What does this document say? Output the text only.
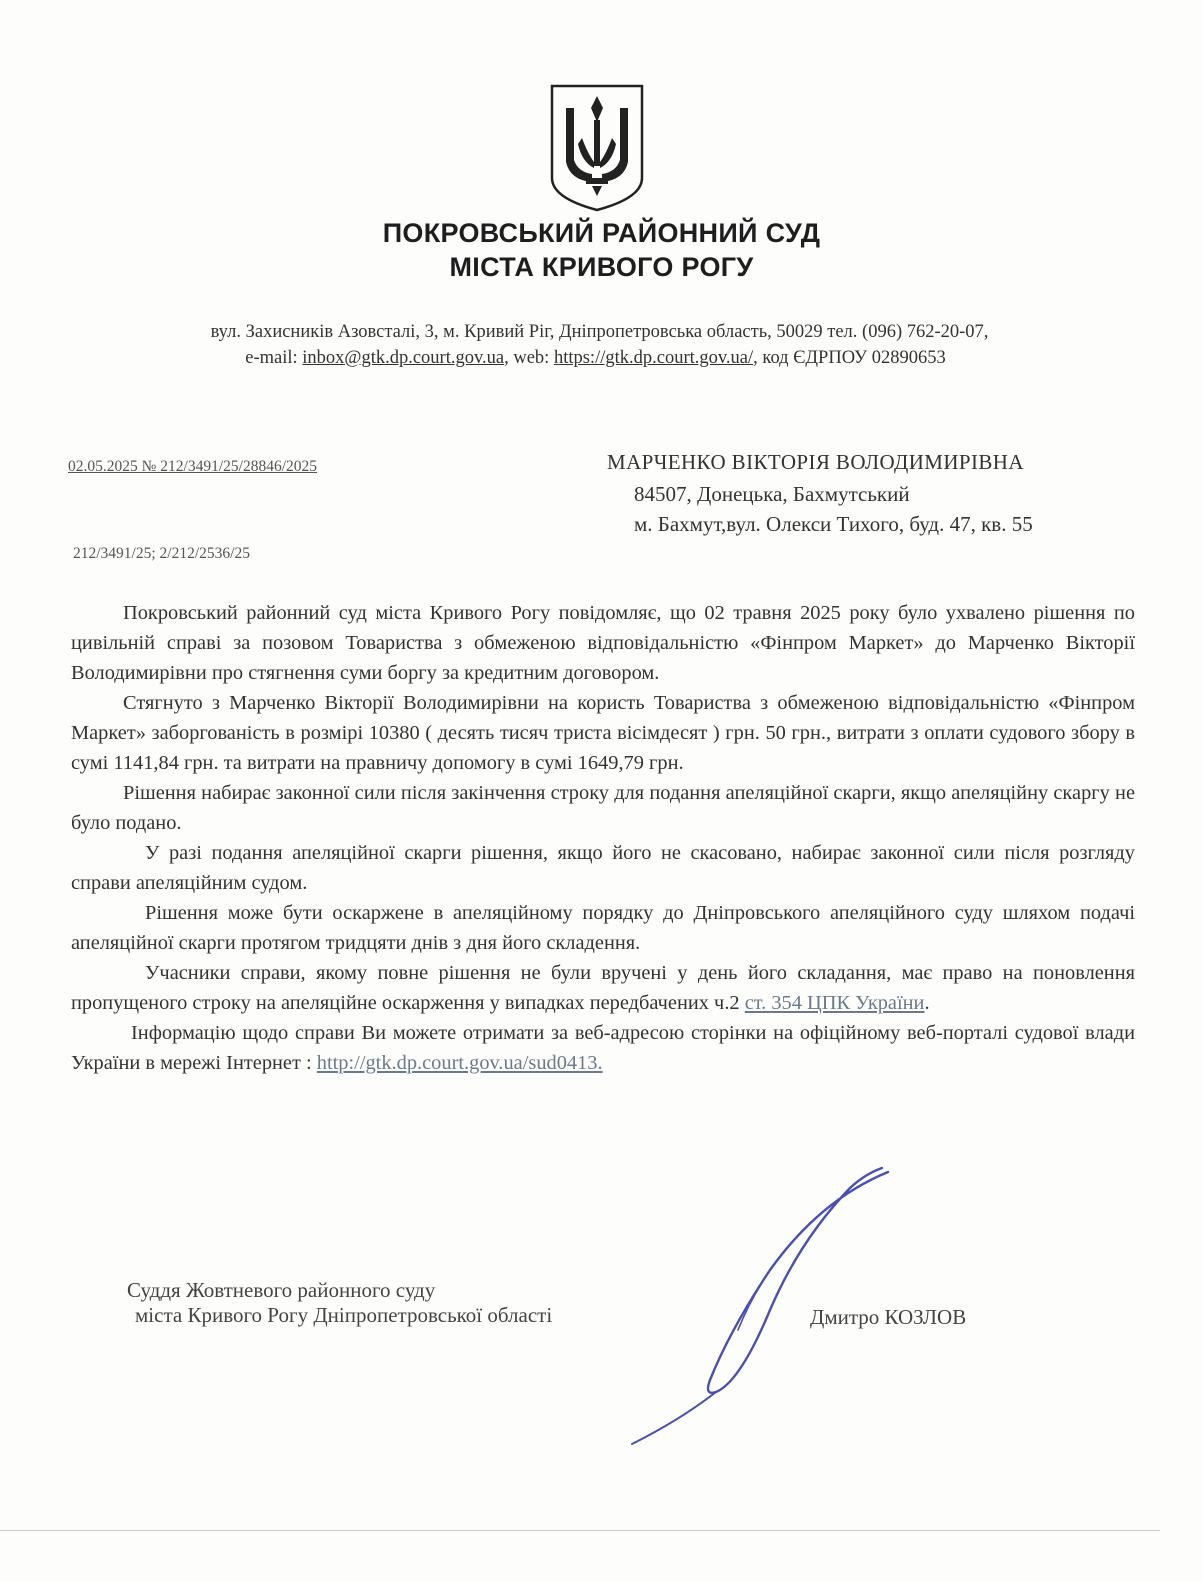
ПОКРОВСЬКИЙ РАЙОННИЙ СУД
МІСТА КРИВОГО РОГУ
вул. Захисників Азовсталі, 3, м. Кривий Ріг, Дніпропетровська область, 50029 тел. (096) 762-20-07,
e-mail: inbox@gtk.dp.court.gov.ua, web: https://gtk.dp.court.gov.ua/, код ЄДРПОУ 02890653
02.05.2025 № 212/3491/25/28846/2025
212/3491/25; 2/212/2536/25
МАРЧЕНКО ВІКТОРІЯ ВОЛОДИМИРІВНА
84507, Донецька, Бахмутський
м. Бахмут,вул. Олекси Тихого, буд. 47, кв. 55

Покровський районний суд міста Кривого Рогу повідомляє, що 02 травня 2025 року було ухвалено рішення по цивільній справі за позовом Товариства з обмеженою відповідальністю «Фінпром Маркет» до Марченко Вікторії Володимирівни про стягнення суми боргу за кредитним договором.

Стягнуто з Марченко Вікторії Володимирівни на користь Товариства з обмеженою відповідальністю «Фінпром Маркет» заборгованість в розмірі 10380 ( десять тисяч триста вісімдесят ) грн. 50 грн., витрати з оплати судового збору в сумі 1141,84 грн. та витрати на правничу допомогу в сумі 1649,79 грн.

Рішення набирає законної сили після закінчення строку для подання апеляційної скарги, якщо апеляційну скаргу не було подано.

У разі подання апеляційної скарги рішення, якщо його не скасовано, набирає законної сили після розгляду справи апеляційним судом.

Рішення може бути оскаржене в апеляційному порядку до Дніпровського апеляційного суду шляхом подачі апеляційної скарги протягом тридцяти днів з дня його складення.

Учасники справи, якому повне рішення не були вручені у день його складання, має право на поновлення пропущеного строку на апеляційне оскарження у випадках передбачених ч.2 ст. 354 ЦПК України.

Інформацію щодо справи Ви можете отримати за веб-адресою сторінки на офіційному веб-порталі судової влади України в мережі Інтернет : http://gtk.dp.court.gov.ua/sud0413.

Суддя Жовтневого районного суду
міста Кривого Рогу Дніпропетровської області	Дмитро КОЗЛОВ
